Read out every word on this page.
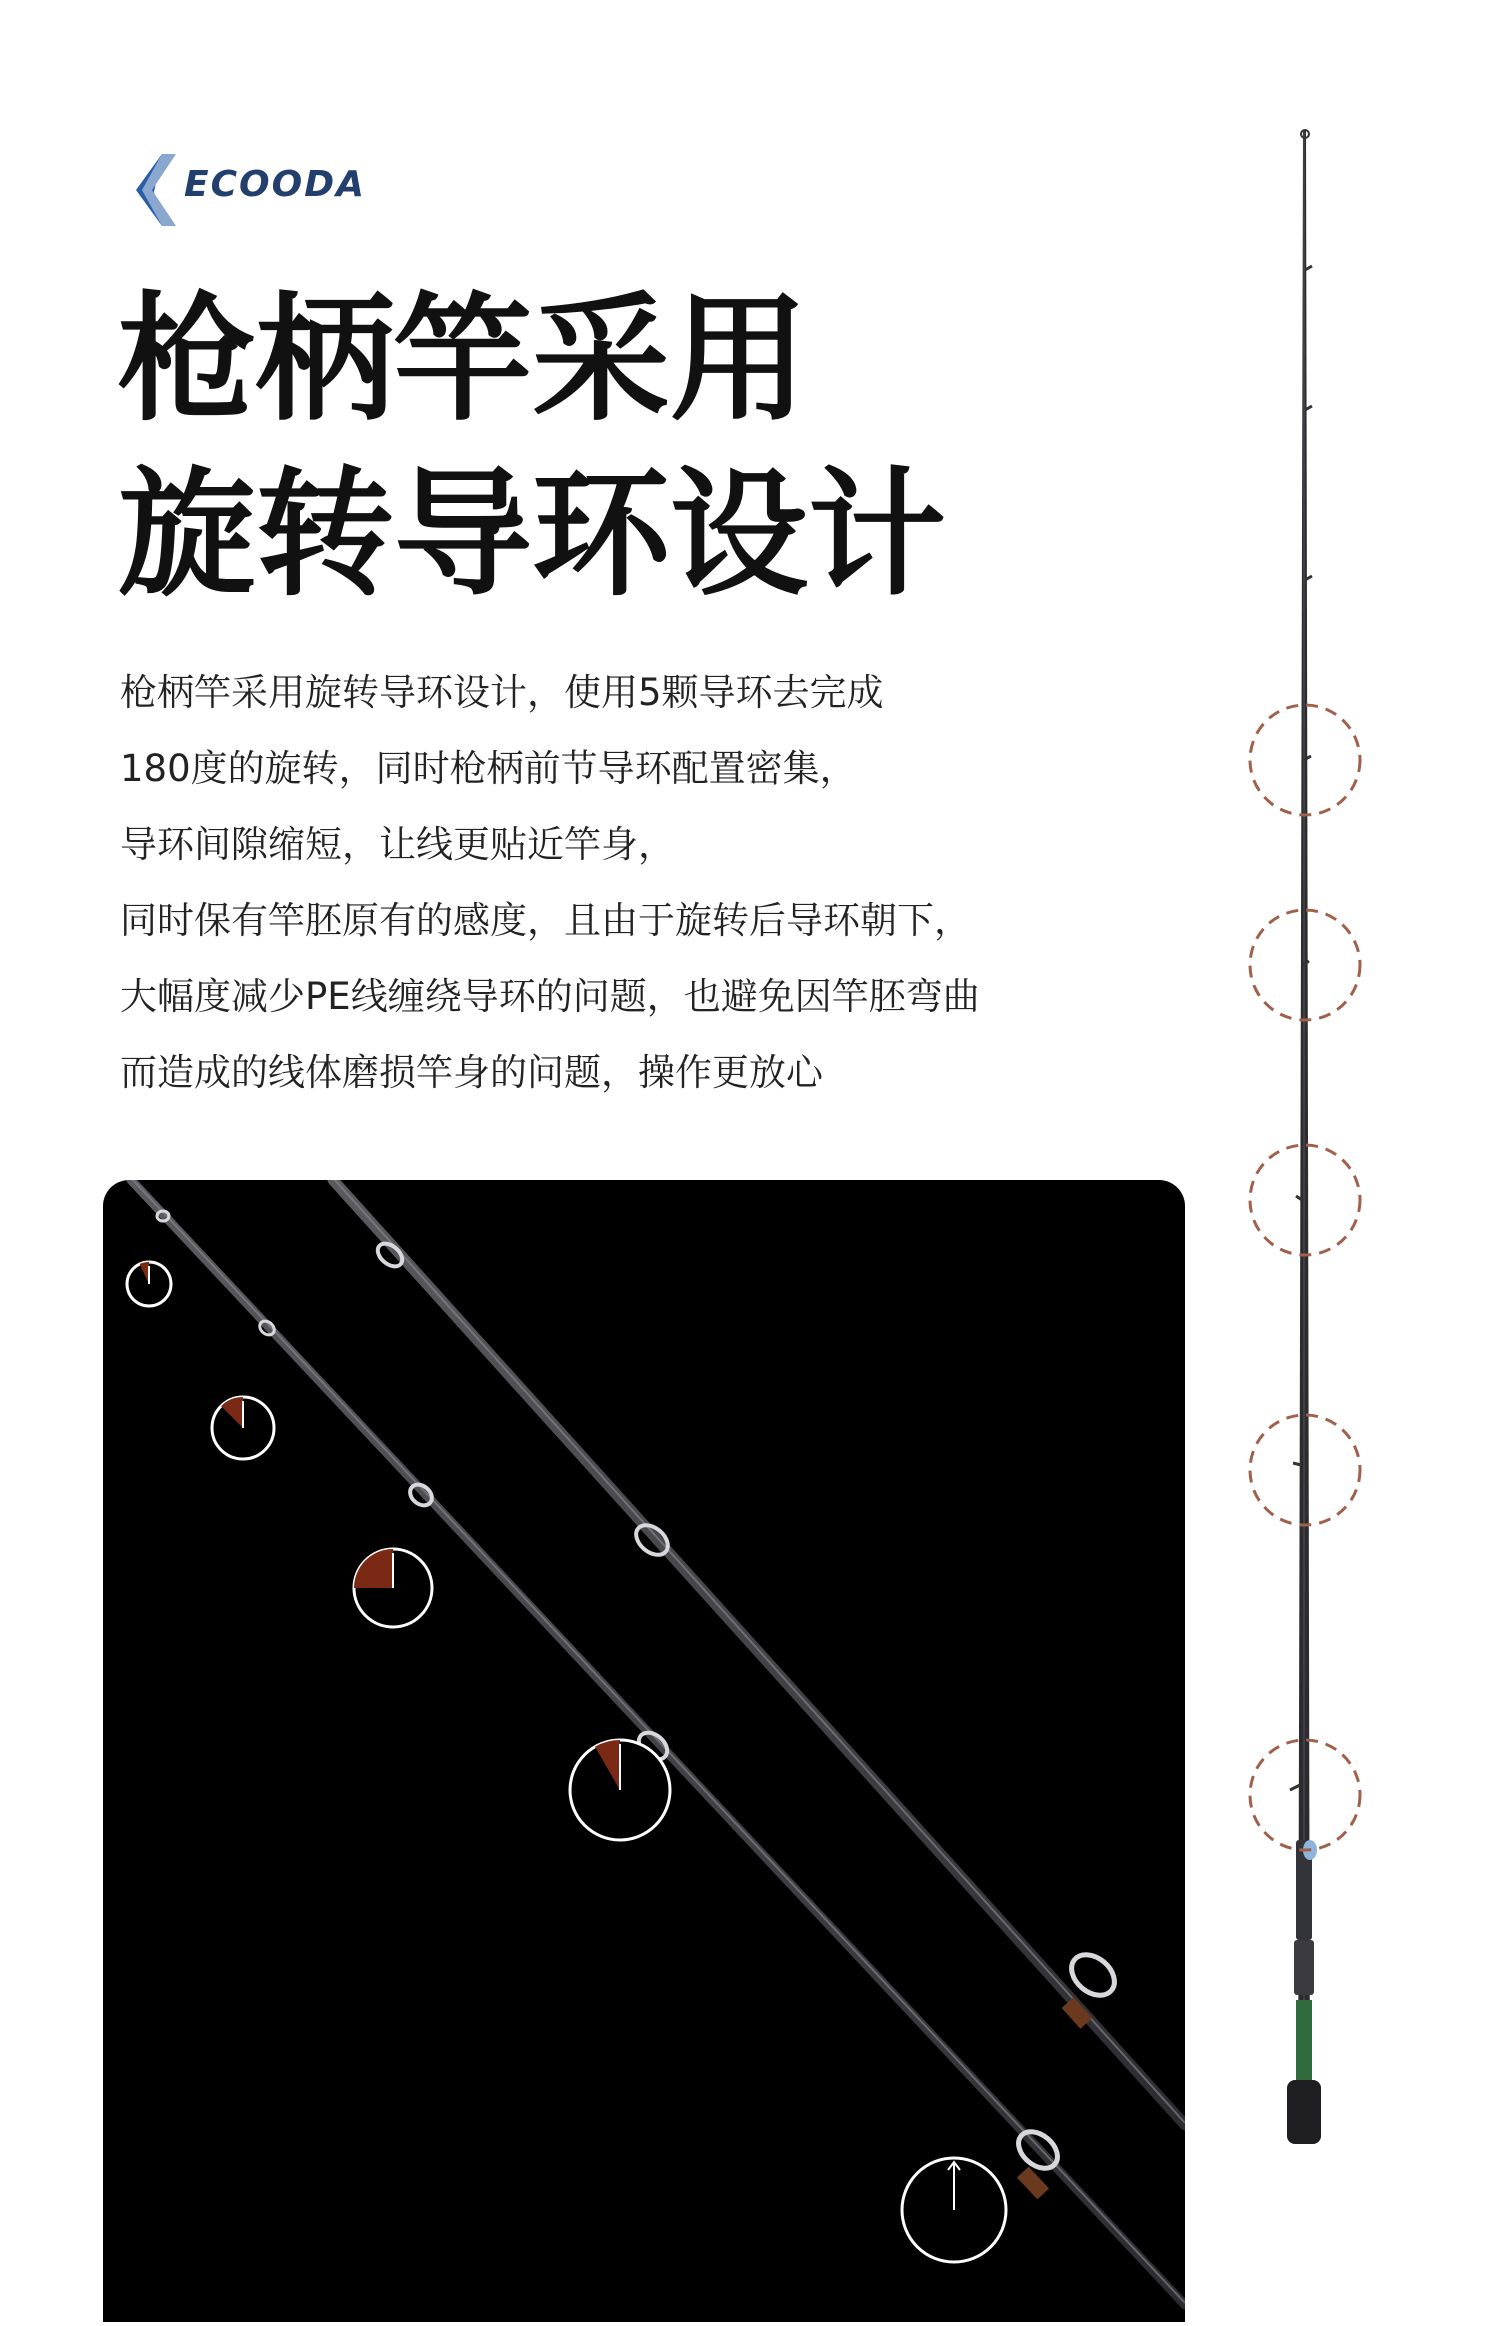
ECOODA
枪柄竿采用
旋转导环设计

枪柄竿采用旋转导环设计，使用5颗导环去完成

180度的旋转，同时枪柄前节导环配置密集，

导环间隙缩短，让线更贴近竿身，

同时保有竿胚原有的感度，且由于旋转后导环朝下，

大幅度减少PE线缠绕导环的问题，也避免因竿胚弯曲

而造成的线体磨损竿身的问题，操作更放心
